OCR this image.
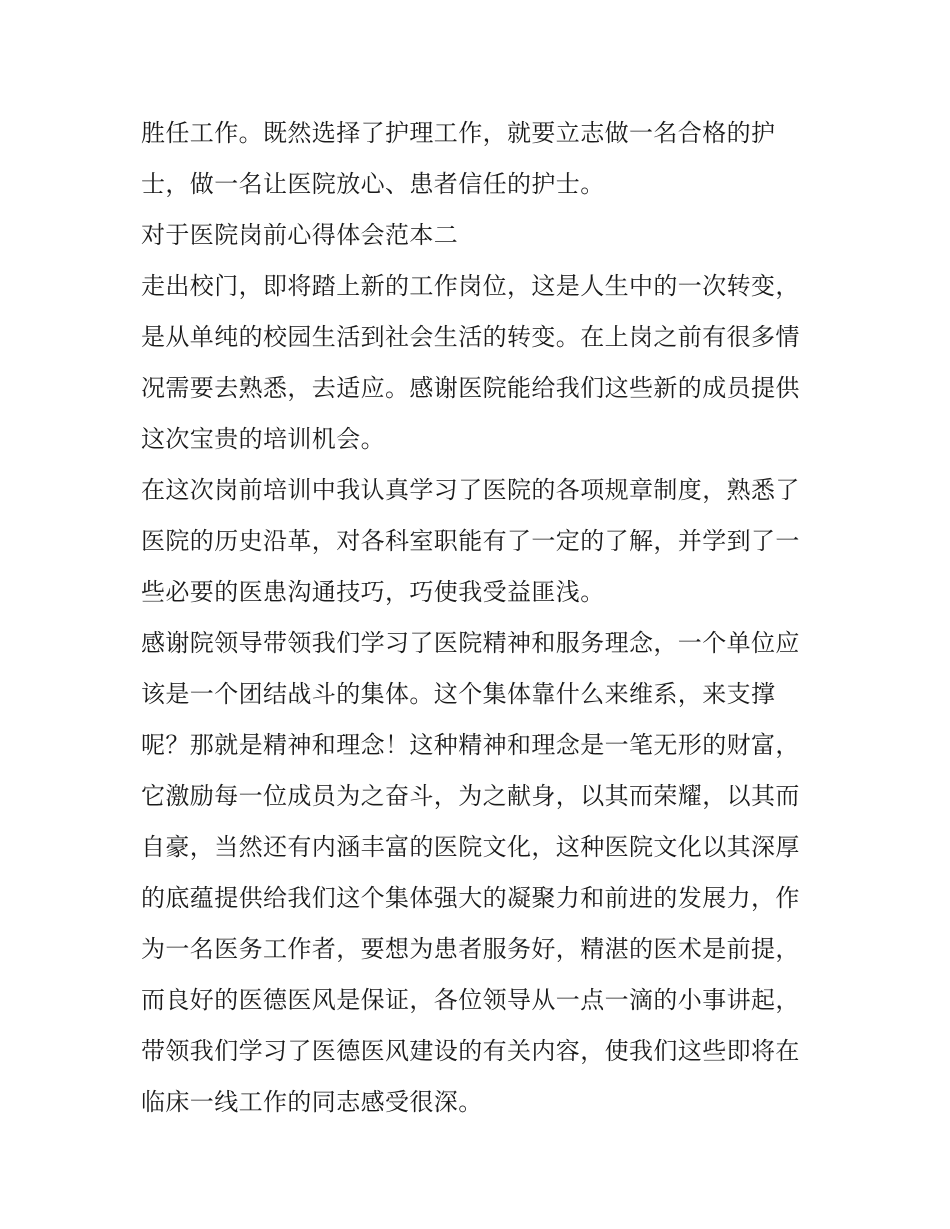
胜任工作。既然选择了护理工作，就要立志做一名合格的护
士，做一名让医院放心、患者信任的护士。
对于医院岗前心得体会范本二
走出校门，即将踏上新的工作岗位，这是人生中的一次转变，
是从单纯的校园生活到社会生活的转变。在上岗之前有很多情
况需要去熟悉，去适应。感谢医院能给我们这些新的成员提供
这次宝贵的培训机会。
在这次岗前培训中我认真学习了医院的各项规章制度，熟悉了
医院的历史沿革，对各科室职能有了一定的了解，并学到了一
些必要的医患沟通技巧，巧使我受益匪浅。
感谢院领导带领我们学习了医院精神和服务理念，一个单位应
该是一个团结战斗的集体。这个集体靠什么来维系，来支撑
呢？那就是精神和理念！这种精神和理念是一笔无形的财富，
它激励每一位成员为之奋斗，为之献身，以其而荣耀，以其而
自豪，当然还有内涵丰富的医院文化，这种医院文化以其深厚
的底蕴提供给我们这个集体强大的凝聚力和前进的发展力，作
为一名医务工作者，要想为患者服务好，精湛的医术是前提，
而良好的医德医风是保证，各位领导从一点一滴的小事讲起，
带领我们学习了医德医风建设的有关内容，使我们这些即将在
临床一线工作的同志感受很深。
